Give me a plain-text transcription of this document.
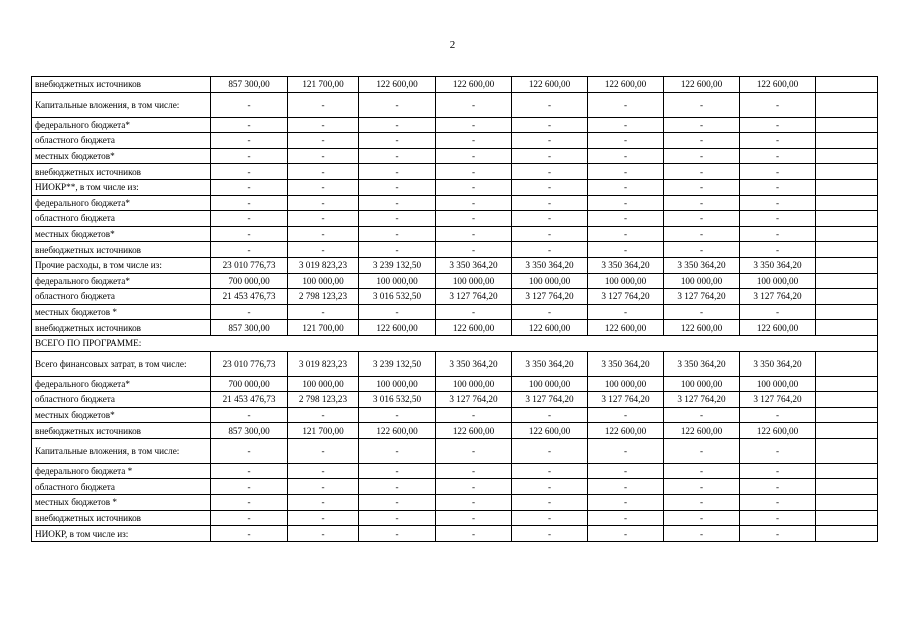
2
внебюджетных источников	857 300,00	121 700,00	122 600,00	122 600,00	122 600,00	122 600,00	122 600,00	122 600,00	
Капитальные вложения, в том числе:	-	-	-	-	-	-	-	-	
федерального бюджета*	-	-	-	-	-	-	-	-	
областного бюджета	-	-	-	-	-	-	-	-	
местных бюджетов*	-	-	-	-	-	-	-	-	
внебюджетных источников	-	-	-	-	-	-	-	-	
НИОКР**, в том числе из:	-	-	-	-	-	-	-	-	
федерального бюджета*	-	-	-	-	-	-	-	-	
областного бюджета	-	-	-	-	-	-	-	-	
местных бюджетов*	-	-	-	-	-	-	-	-	
внебюджетных источников	-	-	-	-	-	-	-	-	
Прочие расходы, в том числе из:	23 010 776,73	3 019 823,23	3 239 132,50	3 350 364,20	3 350 364,20	3 350 364,20	3 350 364,20	3 350 364,20	
федерального бюджета*	700 000,00	100 000,00	100 000,00	100 000,00	100 000,00	100 000,00	100 000,00	100 000,00	
областного бюджета	21 453 476,73	2 798 123,23	3 016 532,50	3 127 764,20	3 127 764,20	3 127 764,20	3 127 764,20	3 127 764,20	
местных бюджетов *	-	-	-	-	-	-	-	-	
внебюджетных источников	857 300,00	121 700,00	122 600,00	122 600,00	122 600,00	122 600,00	122 600,00	122 600,00	
ВСЕГО ПО ПРОГРАММЕ:									
Всего финансовых затрат, в том числе:	23 010 776,73	3 019 823,23	3 239 132,50	3 350 364,20	3 350 364,20	3 350 364,20	3 350 364,20	3 350 364,20	
федерального бюджета*	700 000,00	100 000,00	100 000,00	100 000,00	100 000,00	100 000,00	100 000,00	100 000,00	
областного бюджета	21 453 476,73	2 798 123,23	3 016 532,50	3 127 764,20	3 127 764,20	3 127 764,20	3 127 764,20	3 127 764,20	
местных бюджетов*	-	-	-	-	-	-	-	-	
внебюджетных источников	857 300,00	121 700,00	122 600,00	122 600,00	122 600,00	122 600,00	122 600,00	122 600,00	
Капитальные вложения, в том числе:	-	-	-	-	-	-	-	-	
федерального бюджета *	-	-	-	-	-	-	-	-	
областного бюджета	-	-	-	-	-	-	-	-	
местных бюджетов *	-	-	-	-	-	-	-	-	
внебюджетных источников	-	-	-	-	-	-	-	-	
НИОКР, в том числе из:	-	-	-	-	-	-	-	-	
